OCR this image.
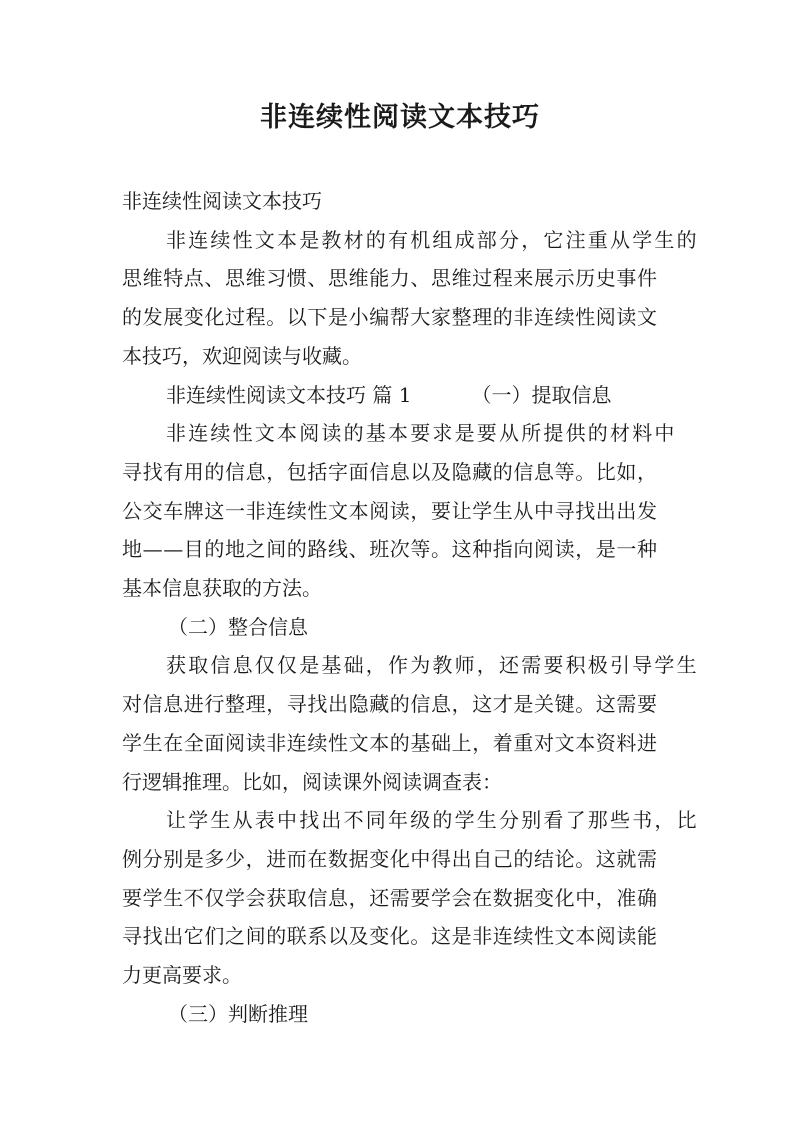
非连续性阅读文本技巧

非连续性阅读文本技巧

非连续性文本是教材的有机组成部分，它注重从学生的

思维特点、思维习惯、思维能力、思维过程来展示历史事件

的发展变化过程。以下是小编帮大家整理的非连续性阅读文

本技巧，欢迎阅读与收藏。

非连续性阅读文本技巧 篇 1	（一）提取信息

非连续性文本阅读的基本要求是要从所提供的材料中

寻找有用的信息，包括字面信息以及隐藏的信息等。比如，

公交车牌这一非连续性文本阅读，要让学生从中寻找出出发

地——目的地之间的路线、班次等。这种指向阅读，是一种

基本信息获取的方法。

（二）整合信息

获取信息仅仅是基础，作为教师，还需要积极引导学生

对信息进行整理，寻找出隐藏的信息，这才是关键。这需要

学生在全面阅读非连续性文本的基础上，着重对文本资料进

行逻辑推理。比如，阅读课外阅读调查表：

让学生从表中找出不同年级的学生分别看了那些书，比

例分别是多少，进而在数据变化中得出自己的结论。这就需

要学生不仅学会获取信息，还需要学会在数据变化中，准确

寻找出它们之间的联系以及变化。这是非连续性文本阅读能

力更高要求。

（三）判断推理
